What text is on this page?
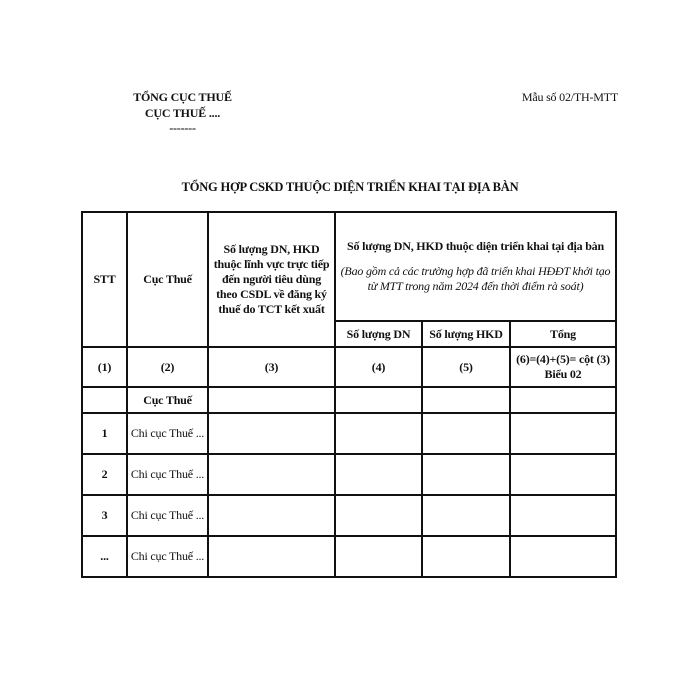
TỔNG CỤC THUẾ
CỤC THUẾ ....
-------
Mẫu số 02/TH-MTT
TỔNG HỢP CSKD THUỘC DIỆN TRIỂN KHAI TẠI ĐỊA BÀN
STT	Cục Thuế	Số lượng DN, HKD thuộc lĩnh vực trực tiếp đến người tiêu dùng theo CSDL về đăng ký thuế do TCT kết xuất	Số lượng DN, HKD thuộc diện triển khai tại địa bàn
(Bao gồm cả các trường hợp đã triển khai HĐĐT khởi tạo từ MTT trong năm 2024 đến thời điểm rà soát)		

			Số lượng DN	Số lượng HKD	Tổng
(1)	(2)	(3)	(4)	(5)	(6)=(4)+(5)= cột (3) Biểu 02
	Cục Thuế				
1	Chi cục Thuế ...				
2	Chi cục Thuế ...				
3	Chi cục Thuế ...				
...	Chi cục Thuế ...				
